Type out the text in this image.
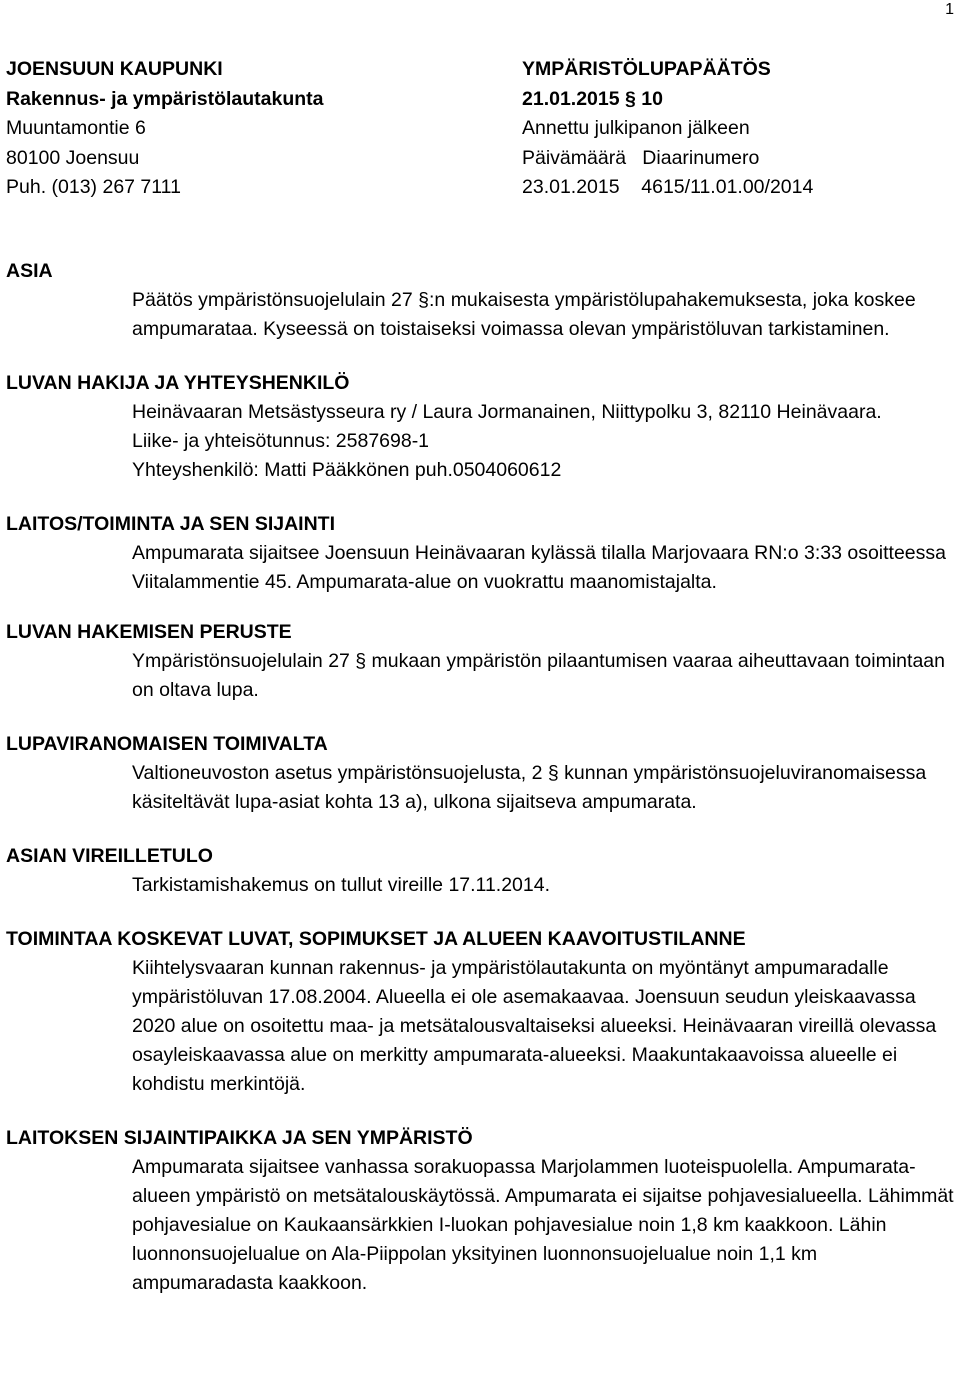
1
JOENSUUN KAUPUNKI	YMPÄRISTÖLUPAPÄÄTÖS
Rakennus- ja ympäristölautakunta	21.01.2015 § 10
Muuntamontie 6	Annettu julkipanon jälkeen
80100 Joensuu	Päivämäärä   Diaarinumero
Puh. (013) 267 7111	23.01.2015    4615/11.01.00/2014
ASIA

Päätös ympäristönsuojelulain 27 §:n mukaisesta ympäristölupahakemuksesta, joka koskee ampumarataa. Kyseessä on toistaiseksi voimassa olevan ympäristöluvan tarkistaminen.

LUVAN HAKIJA JA YHTEYSHENKILÖ

Heinävaaran Metsästysseura ry / Laura Jormanainen, Niittypolku 3, 82110 Heinävaara.

Liike- ja yhteisötunnus: 2587698-1

Yhteyshenkilö: Matti Pääkkönen puh.0504060612

LAITOS/TOIMINTA JA SEN SIJAINTI

Ampumarata sijaitsee Joensuun Heinävaaran kylässä tilalla Marjovaara RN:o 3:33 osoitteessa Viitalammentie 45. Ampumarata-alue on vuokrattu maanomistajalta.

LUVAN HAKEMISEN PERUSTE

Ympäristönsuojelulain 27 § mukaan ympäristön pilaantumisen vaaraa aiheuttavaan toimintaan on oltava lupa.

LUPAVIRANOMAISEN TOIMIVALTA

Valtioneuvoston asetus ympäristönsuojelusta, 2 § kunnan ympäristönsuojeluviranomaisessa käsiteltävät lupa-asiat kohta 13 a), ulkona sijaitseva ampumarata.

ASIAN VIREILLETULO

Tarkistamishakemus on tullut vireille 17.11.2014.

TOIMINTAA KOSKEVAT LUVAT, SOPIMUKSET JA ALUEEN KAAVOITUSTILANNE

Kiihtelysvaaran kunnan rakennus- ja ympäristölautakunta on myöntänyt ampumaradalle ympäristöluvan 17.08.2004. Alueella ei ole asemakaavaa. Joensuun seudun yleiskaavassa 2020 alue on osoitettu maa- ja metsätalousvaltaiseksi alueeksi. Heinävaaran vireillä olevassa osayleiskaavassa alue on merkitty ampumarata-alueeksi. Maakuntakaavoissa alueelle ei kohdistu merkintöjä.

LAITOKSEN SIJAINTIPAIKKA JA SEN YMPÄRISTÖ

Ampumarata sijaitsee vanhassa sorakuopassa Marjolammen luoteispuolella. Ampumarata-alueen ympäristö on metsätalouskäytössä. Ampumarata ei sijaitse pohjavesialueella. Lähimmät pohjavesialue on Kaukaansärkkien I-luokan pohjavesialue noin 1,8 km kaakkoon. Lähin luonnonsuojelualue on Ala-Piippolan yksityinen luonnonsuojelualue noin 1,1 km ampumaradasta kaakkoon.
